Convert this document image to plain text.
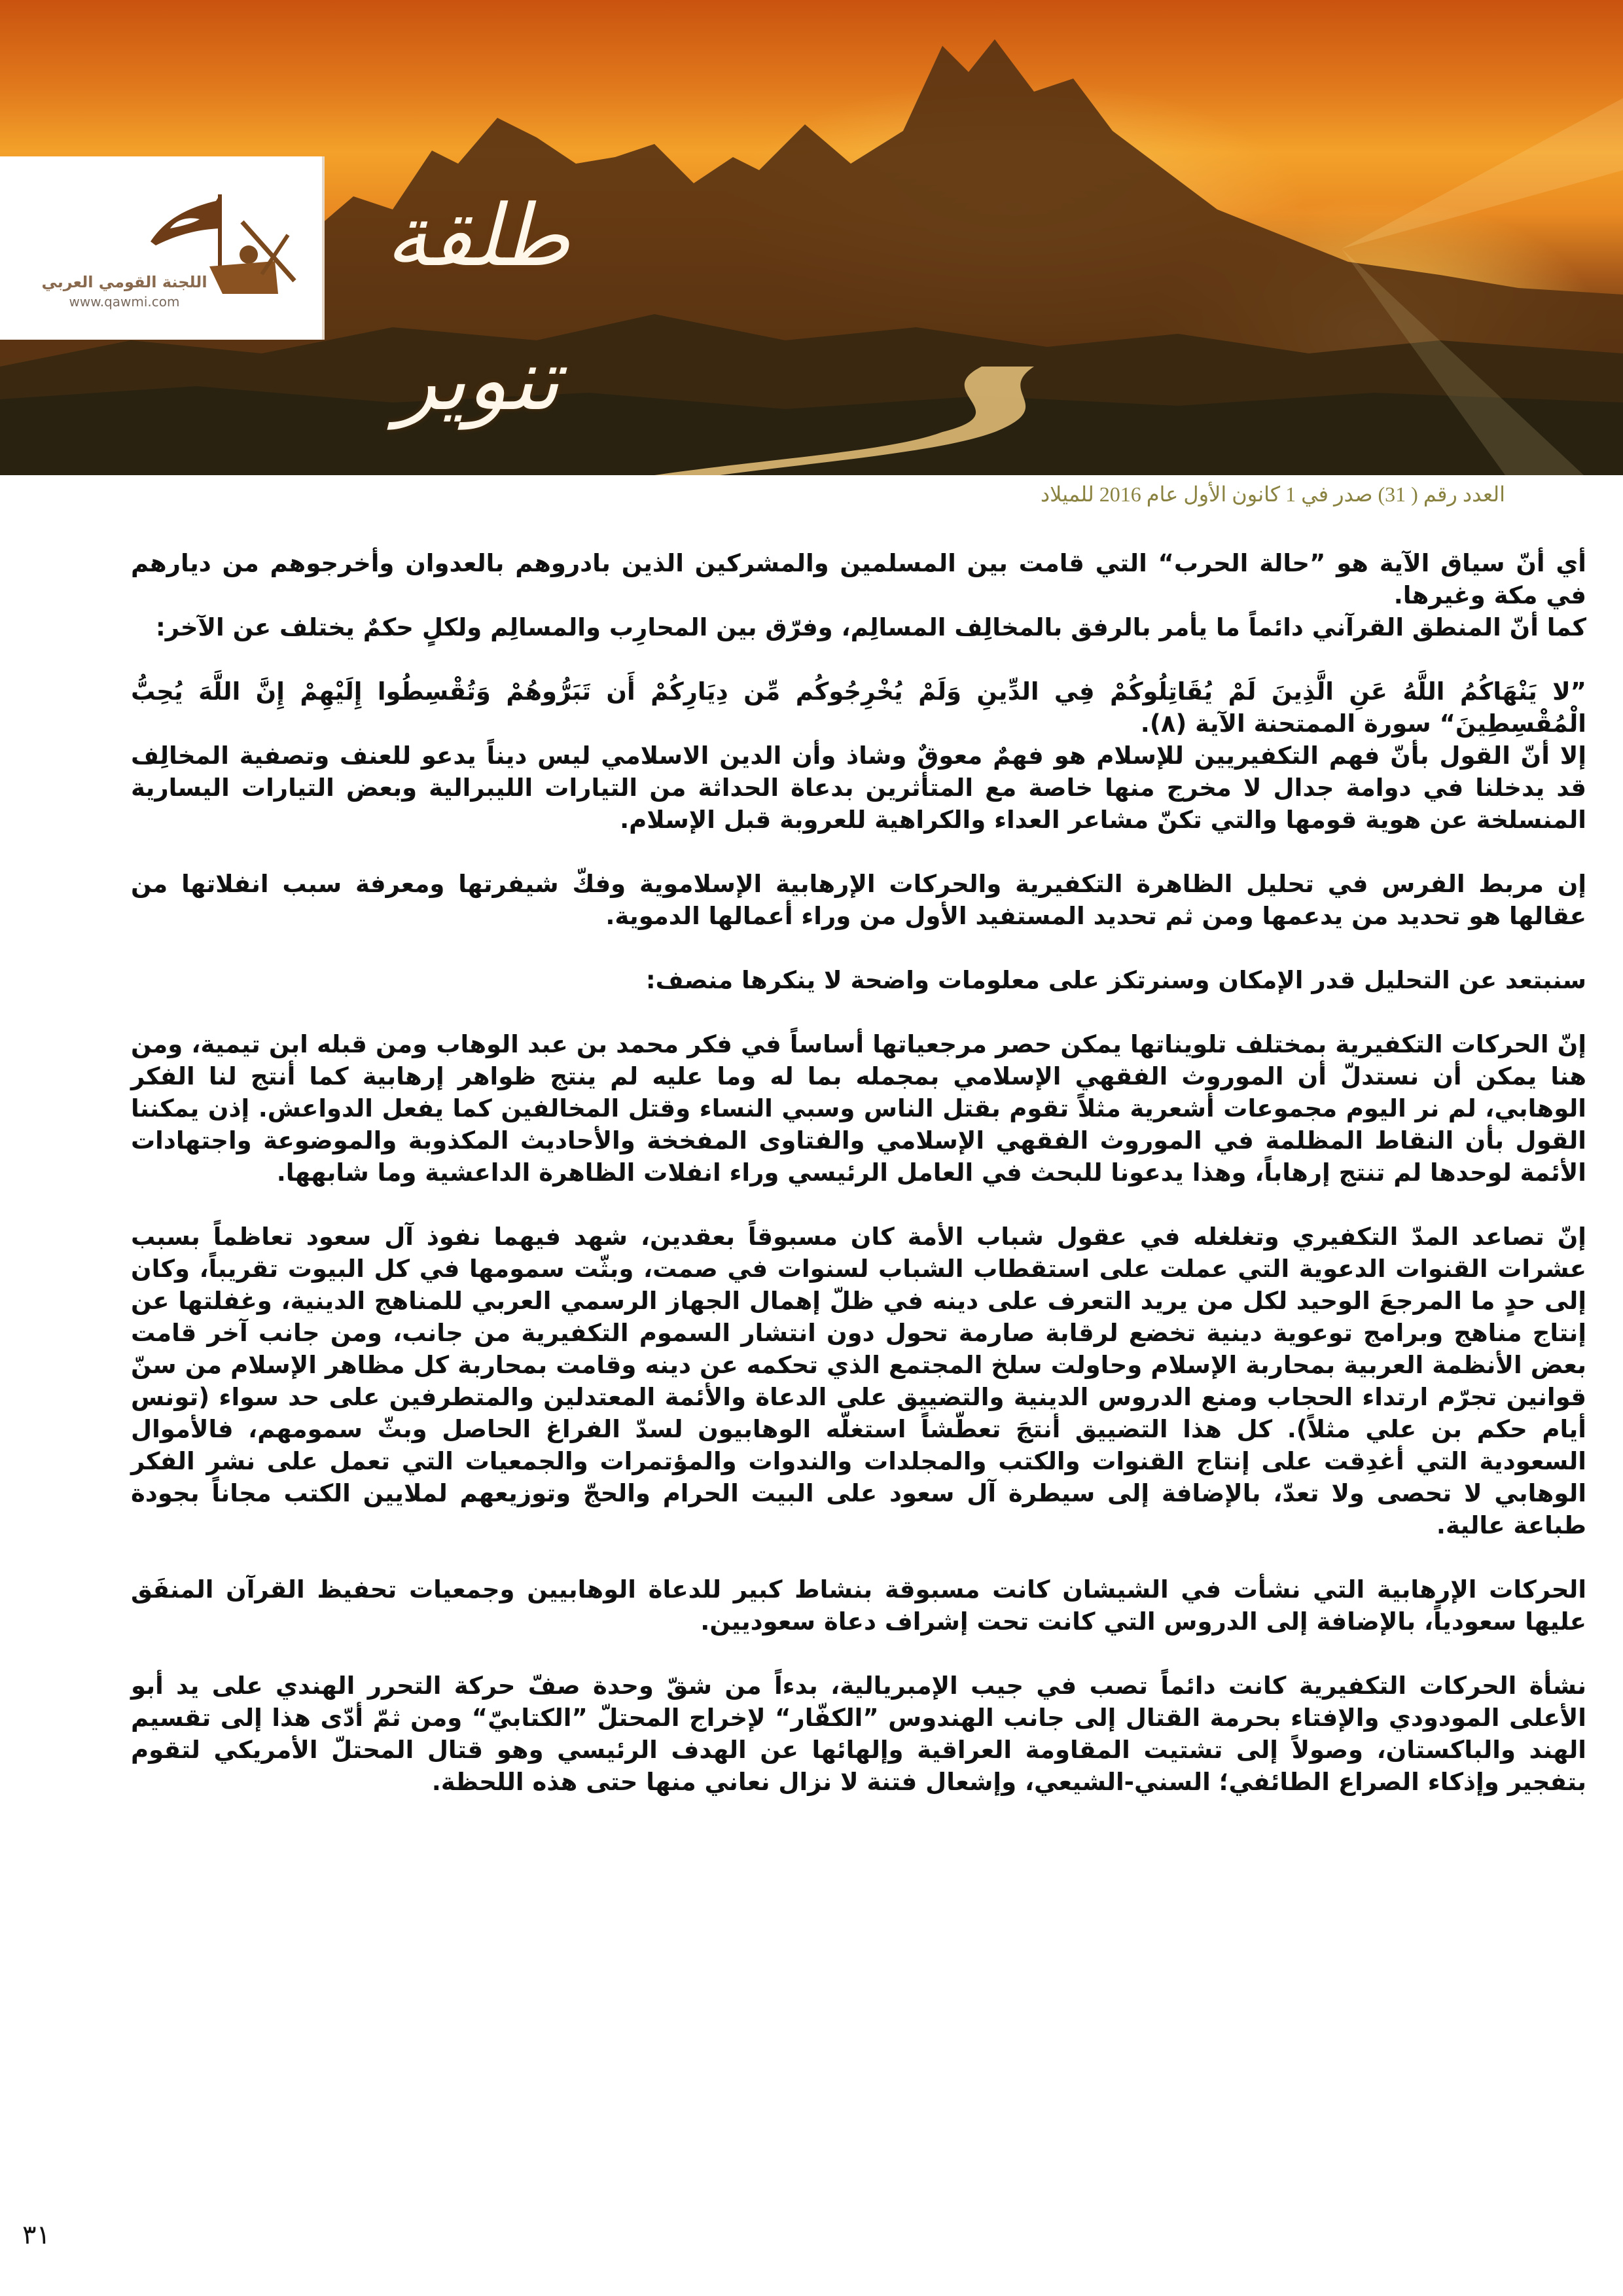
اللجنة القومي العربي
www.qawmi.com
طلقة تنوير
العدد رقم ( 31) صدر في 1 كانون الأول عام 2016 للميلاد

أي أنّ سياق الآية هو ”حالة الحرب“ التي قامت بين المسلمين والمشركين الذين بادروهم بالعدوان وأخرجوهم من ديارهم في مكة وغيرها.

كما أنّ المنطق القرآني دائماً ما يأمر بالرفق بالمخالِف المسالِم، وفرّق بين المحارِب والمسالِم ولكلٍ حكمٌ يختلف عن الآخر:

”لا يَنْهَاكُمُ اللَّهُ عَنِ الَّذِينَ لَمْ يُقَاتِلُوكُمْ فِي الدِّينِ وَلَمْ يُخْرِجُوكُم مِّن دِيَارِكُمْ أَن تَبَرُّوهُمْ وَتُقْسِطُوا إِلَيْهِمْ إِنَّ اللَّهَ يُحِبُّ الْمُقْسِطِينَ“ سورة الممتحنة الآية (٨).

إلا أنّ القول بأنّ فهم التكفيريين للإسلام هو فهمٌ معوقٌ وشاذ وأن الدين الاسلامي ليس ديناً يدعو للعنف وتصفية المخالِف قد يدخلنا في دوامة جدال لا مخرج منها خاصة مع المتأثرين بدعاة الحداثة من التيارات الليبرالية وبعض التيارات اليسارية المنسلخة عن هوية قومها والتي تكنّ مشاعر العداء والكراهية للعروبة قبل الإسلام.

إن مربط الفرس في تحليل الظاهرة التكفيرية والحركات الإرهابية الإسلاموية وفكّ شيفرتها ومعرفة سبب انفلاتها من عقالها هو تحديد من يدعمها ومن ثم تحديد المستفيد الأول من وراء أعمالها الدموية.

سنبتعد عن التحليل قدر الإمكان وسنرتكز على معلومات واضحة لا ينكرها منصف:

إنّ الحركات التكفيرية بمختلف تلويناتها يمكن حصر مرجعياتها أساساً في فكر محمد بن عبد الوهاب ومن قبله ابن تيمية، ومن هنا يمكن أن نستدلّ أن الموروث الفقهي الإسلامي بمجمله بما له وما عليه لم ينتج ظواهر إرهابية كما أنتج لنا الفكر الوهابي، لم نر اليوم مجموعات أشعرية مثلاً تقوم بقتل الناس وسبي النساء وقتل المخالفين كما يفعل الدواعش. إذن يمكننا القول بأن النقاط المظلمة في الموروث الفقهي الإسلامي والفتاوى المفخخة والأحاديث المكذوبة والموضوعة واجتهادات الأئمة لوحدها لم تنتج إرهاباً، وهذا يدعونا للبحث في العامل الرئيسي وراء انفلات الظاهرة الداعشية وما شابهها.

إنّ تصاعد المدّ التكفيري وتغلغله في عقول شباب الأمة كان مسبوقاً بعقدين، شهد فيهما نفوذ آل سعود تعاظماً بسبب عشرات القنوات الدعوية التي عملت على استقطاب الشباب لسنوات في صمت، وبثّت سمومها في كل البيوت تقريباً، وكان إلى حدٍ ما المرجعَ الوحيد لكل من يريد التعرف على دينه في ظلّ إهمال الجهاز الرسمي العربي للمناهج الدينية، وغفلتها عن إنتاج مناهج وبرامج توعوية دينية تخضع لرقابة صارمة تحول دون انتشار السموم التكفيرية من جانب، ومن جانب آخر قامت بعض الأنظمة العربية بمحاربة الإسلام وحاولت سلخ المجتمع الذي تحكمه عن دينه وقامت بمحاربة كل مظاهر الإسلام من سنّ قوانين تجرّم ارتداء الحجاب ومنع الدروس الدينية والتضييق على الدعاة والأئمة المعتدلين والمتطرفين على حد سواء (تونس أيام حكم بن علي مثلاً). كل هذا التضييق أنتجَ تعطّشاً استغلّه الوهابيون لسدّ الفراغ الحاصل وبثّ سمومهم، فالأموال السعودية التي أغدِقت على إنتاج القنوات والكتب والمجلدات والندوات والمؤتمرات والجمعيات التي تعمل على نشر الفكر الوهابي لا تحصى ولا تعدّ، بالإضافة إلى سيطرة آل سعود على البيت الحرام والحجّ وتوزيعهم لملايين الكتب مجاناً بجودة طباعة عالية.

الحركات الإرهابية التي نشأت في الشيشان كانت مسبوقة بنشاط كبير للدعاة الوهابيين وجمعيات تحفيظ القرآن المنفَق عليها سعودياً، بالإضافة إلى الدروس التي كانت تحت إشراف دعاة سعوديين.

نشأة الحركات التكفيرية كانت دائماً تصب في جيب الإمبريالية، بدءاً من شقّ وحدة صفّ حركة التحرر الهندي على يد أبو الأعلى المودودي والإفتاء بحرمة القتال إلى جانب الهندوس ”الكفّار“ لإخراج المحتلّ ”الكتابيّ“ ومن ثمّ أدّى هذا إلى تقسيم الهند والباكستان، وصولاً إلى تشتيت المقاومة العراقية وإلهائها عن الهدف الرئيسي وهو قتال المحتلّ الأمريكي لتقوم بتفجير وإذكاء الصراع الطائفي؛ السني-الشيعي، وإشعال فتنة لا نزال نعاني منها حتى هذه اللحظة.

٣١
